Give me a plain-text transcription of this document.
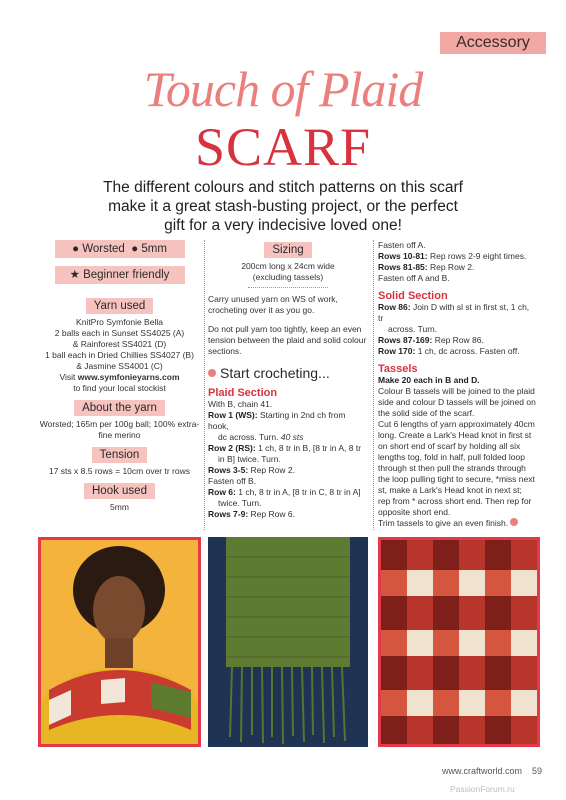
Accessory
Touch of Plaid
SCARF
The different colours and stitch patterns on this scarf make it a great stash-busting project, or the perfect gift for a very indecisive loved one!
● Worsted ● 5mm
★ Beginner friendly
Yarn used
KnitPro Symfonie Bella
2 balls each in Sunset SS4025 (A)
& Rainforest SS4021 (D)
1 ball each in Dried Chillies SS4027 (B)
& Jasmine SS4001 (C)
Visit www.symfonieyarns.com
to find your local stockist
About the yarn
Worsted; 165m per 100g ball; 100% extra-fine merino
Tension
17 sts x 8.5 rows = 10cm over tr rows
Hook used
5mm
Sizing
200cm long x 24cm wide
(excluding tassels)
Carry unused yarn on WS of work, crocheting over it as you go.
Do not pull yarn too tightly, keep an even tension between the plaid and solid colour sections.
Start crocheting...
Plaid Section
With B, chain 41.
Row 1 (WS): Starting in 2nd ch from hook,
dc across. Turn. 40 sts
Row 2 (RS): 1 ch, 8 tr in B, [8 tr in A, 8 tr
in B] twice. Turn.
Rows 3-5: Rep Row 2.
Fasten off B.
Row 6: 1 ch, 8 tr in A, [8 tr in C, 8 tr in A]
twice. Turn.
Rows 7-9: Rep Row 6.
Fasten off A.
Rows 10-81: Rep rows 2-9 eight times.
Rows 81-85: Rep Row 2.
Fasten off A and B.
Solid Section
Row 86: Join D with sl st in first st, 1 ch, tr
across. Turn.
Rows 87-169: Rep Row 86.
Row 170: 1 ch, dc across. Fasten off.
Tassels
Make 20 each in B and D.
Colour B tassels will be joined to the plaid side and colour D tassels will be joined on the solid side of the scarf.
Cut 6 lengths of yarn approximately 40cm long. Create a Lark's Head knot in first st on short end of scarf by holding all six lengths tog, fold in half, pull folded loop through st then pull the strands through the loop pulling tight to secure, *miss next st, make a Lark's Head knot in next st; rep from * across short end. Then rep for opposite short end.
Trim tassels to give an even finish.
www.craftworld.com 59
PassionForum.ru
